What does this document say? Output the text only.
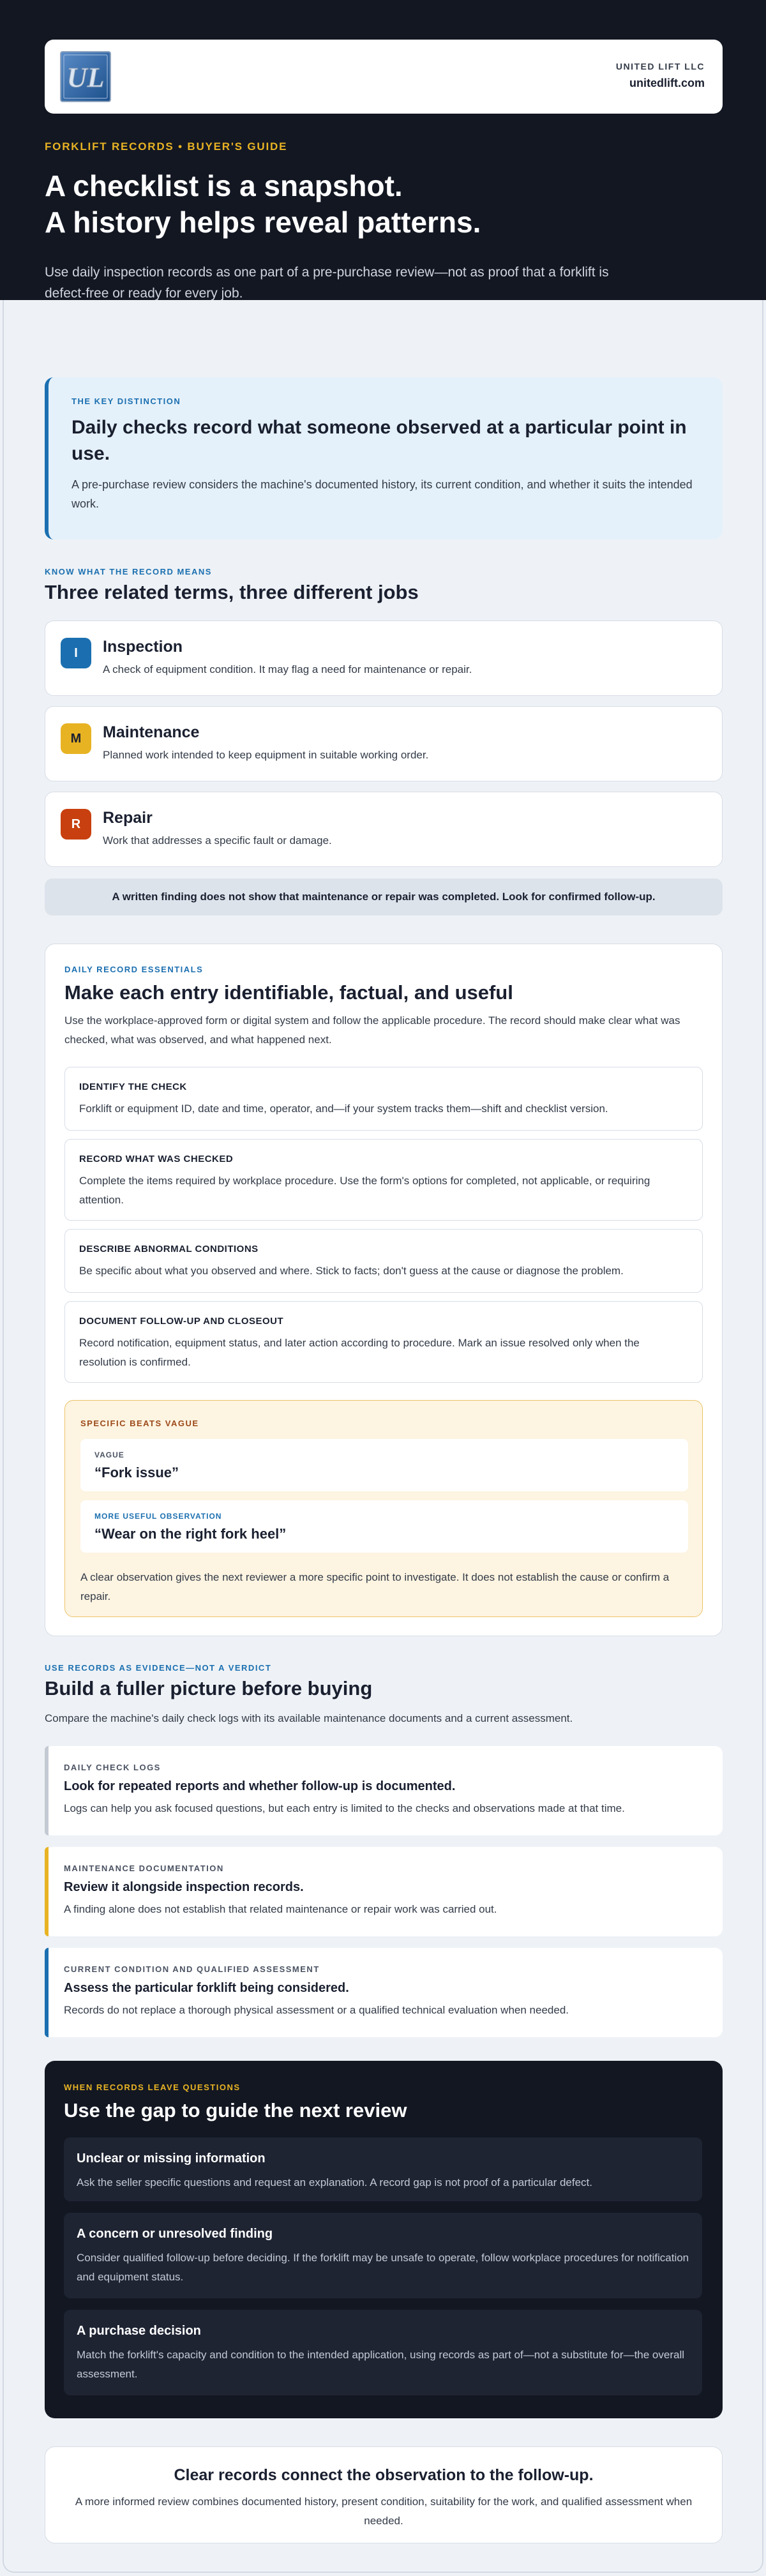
UL	UNITED LIFT LLC
unitedlift.com
FORKLIFT RECORDS • BUYER'S GUIDE
A checklist is a snapshot.
A history helps reveal patterns.
Use daily inspection records as one part of a pre-purchase review—not as proof that a forklift is defect-free or ready for every job.
THE KEY DISTINCTION
Daily checks record what someone observed at a particular point in use.

A pre-purchase review considers the machine's documented history, its current condition, and whether it suits the intended work.

KNOW WHAT THE RECORD MEANS
Three related terms, three different jobs
I	Inspection
A check of equipment condition. It may flag a need for maintenance or repair.
M	Maintenance
Planned work intended to keep equipment in suitable working order.
R	Repair
Work that addresses a specific fault or damage.
A written finding does not show that maintenance or repair was completed. Look for confirmed follow-up.
DAILY RECORD ESSENTIALS
Make each entry identifiable, factual, and useful
Use the workplace-approved form or digital system and follow the applicable procedure. The record should make clear what was checked, what was observed, and what happened next.
IDENTIFY THE CHECK
Forklift or equipment ID, date and time, operator, and—if your system tracks them—shift and checklist version.
RECORD WHAT WAS CHECKED
Complete the items required by workplace procedure. Use the form's options for completed, not applicable, or requiring attention.
DESCRIBE ABNORMAL CONDITIONS
Be specific about what you observed and where. Stick to facts; don't guess at the cause or diagnose the problem.
DOCUMENT FOLLOW-UP AND CLOSEOUT
Record notification, equipment status, and later action according to procedure. Mark an issue resolved only when the resolution is confirmed.
SPECIFIC BEATS VAGUE
VAGUE
“Fork issue”
MORE USEFUL OBSERVATION
“Wear on the right fork heel”

A clear observation gives the next reviewer a more specific point to investigate. It does not establish the cause or confirm a repair.

USE RECORDS AS EVIDENCE—NOT A VERDICT
Build a fuller picture before buying
Compare the machine's daily check logs with its available maintenance documents and a current assessment.
DAILY CHECK LOGS
Look for repeated reports and whether follow-up is documented.
Logs can help you ask focused questions, but each entry is limited to the checks and observations made at that time.
MAINTENANCE DOCUMENTATION
Review it alongside inspection records.
A finding alone does not establish that related maintenance or repair work was carried out.
CURRENT CONDITION AND QUALIFIED ASSESSMENT
Assess the particular forklift being considered.
Records do not replace a thorough physical assessment or a qualified technical evaluation when needed.
WHEN RECORDS LEAVE QUESTIONS
Use the gap to guide the next review
Unclear or missing information
Ask the seller specific questions and request an explanation. A record gap is not proof of a particular defect.
A concern or unresolved finding
Consider qualified follow-up before deciding. If the forklift may be unsafe to operate, follow workplace procedures for notification and equipment status.
A purchase decision
Match the forklift's capacity and condition to the intended application, using records as part of—not a substitute for—the overall assessment.
Clear records connect the observation to the follow-up.

A more informed review combines documented history, present condition, suitability for the work, and qualified assessment when needed.
